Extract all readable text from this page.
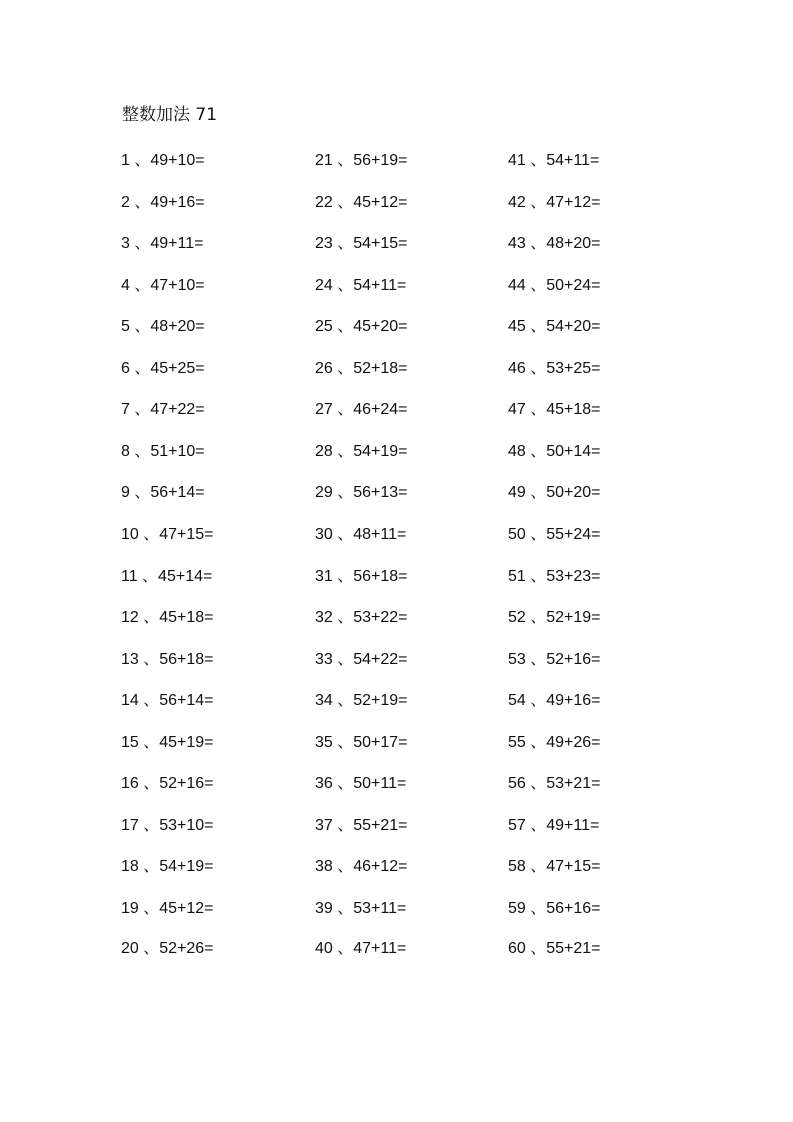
整数加法 71
1 、49+10=
2 、49+16=
3 、49+11=
4 、47+10=
5 、48+20=
6 、45+25=
7 、47+22=
8 、51+10=
9 、56+14=
10 、47+15=
11 、45+14=
12 、45+18=
13 、56+18=
14 、56+14=
15 、45+19=
16 、52+16=
17 、53+10=
18 、54+19=
19 、45+12=
20 、52+26=
21 、56+19=
22 、45+12=
23 、54+15=
24 、54+11=
25 、45+20=
26 、52+18=
27 、46+24=
28 、54+19=
29 、56+13=
30 、48+11=
31 、56+18=
32 、53+22=
33 、54+22=
34 、52+19=
35 、50+17=
36 、50+11=
37 、55+21=
38 、46+12=
39 、53+11=
40 、47+11=
41 、54+11=
42 、47+12=
43 、48+20=
44 、50+24=
45 、54+20=
46 、53+25=
47 、45+18=
48 、50+14=
49 、50+20=
50 、55+24=
51 、53+23=
52 、52+19=
53 、52+16=
54 、49+16=
55 、49+26=
56 、53+21=
57 、49+11=
58 、47+15=
59 、56+16=
60 、55+21=
